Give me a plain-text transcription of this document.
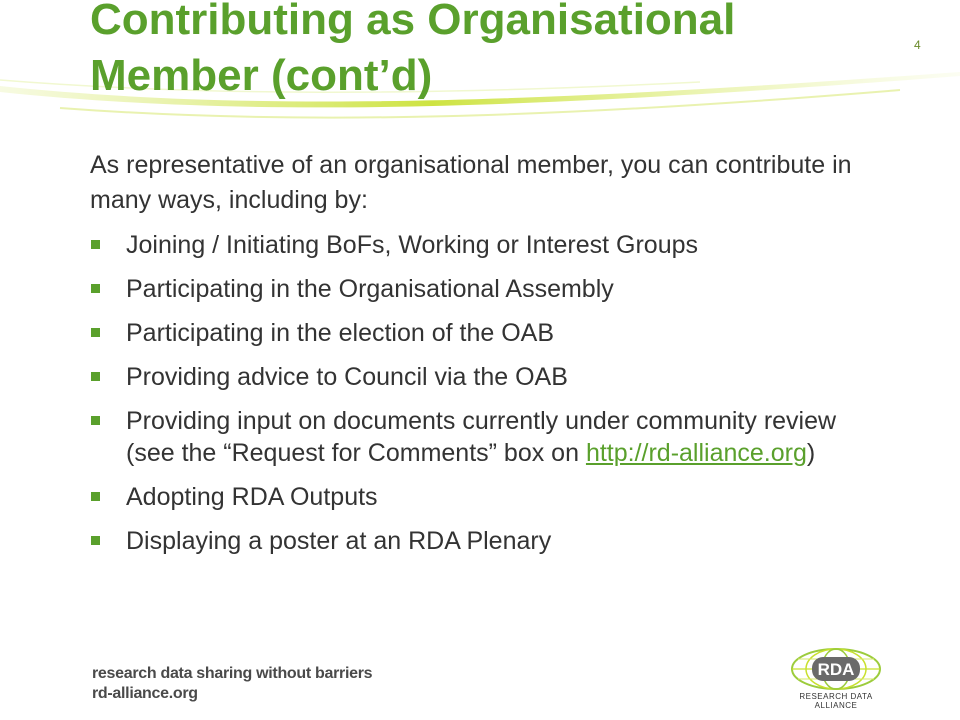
Contributing as Organisational
Member (cont’d)
4

As representative of an organisational member, you can contribute in many ways, including by:

Joining / Initiating BoFs, Working or Interest Groups
Participating in the Organisational Assembly
Participating in the election of the OAB
Providing advice to Council via the OAB
Providing input on documents currently under community review (see the “Request for Comments” box on http://rd-alliance.org)
Adopting RDA Outputs
Displaying a poster at an RDA Plenary
research data sharing without barriers
rd-alliance.org
RDA
RESEARCH DATA ALLIANCE
